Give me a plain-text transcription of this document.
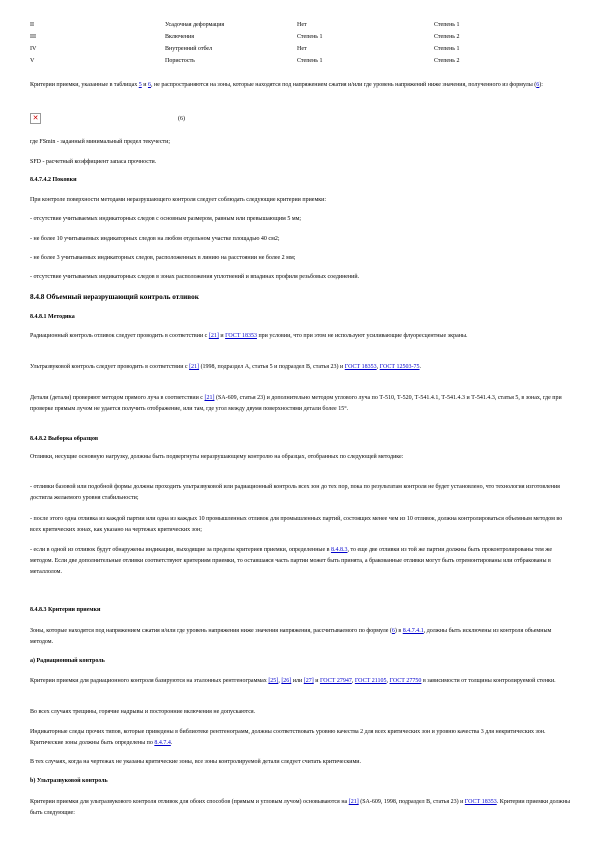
II	Усадочная деформация	Нет	Степень 1
III	Включения	Степень 1	Степень 2
IV	Внутренний отбел	Нет	Степень 1
V	Пористость	Степень 1	Степень 2

Критерии приемки, указанные в таблицах 5 и 6, не распространяются на зоны, которые находятся под напряжением сжатия и/или где уровень напряжений ниже значения, полученного из формулы (6):

✕	(6)

где FSmin - заданный минимальный предел текучести;

SFD - расчетный коэффициент запаса прочности.

8.4.7.4.2 Поковки

При контроле поверхности методами неразрушающего контроля следует соблюдать следующие критерии приемки:

- отсутствие учитываемых индикаторных следов с основным размером, равным или превышающим 5 мм;

- не более 10 учитываемых индикаторных следов на любом отдельном участке площадью 40 см2;

- не более 3 учитываемых индикаторных следов, расположенных в линию на расстоянии не более 2 мм;

- отсутствие учитываемых индикаторных следов в зонах расположения уплотнений и впадинах профиля резьбовых соединений.

8.4.8 Объемный неразрушающий контроль отливок

8.4.8.1 Методика

Радиационный контроль отливок следует проводить в соответствии с [21] и ГОСТ 18353 при условии, что при этом не используют усиливающие флуоресцентные экраны.

Ультразвуковой контроль следует проводить в соответствии с [21] (1998, подраздел А, статья 5 и подраздел В, статья 23) и ГОСТ 18353, ГОСТ 12503-75.

Детали (детали) проверяют методом прямого луча в соответствии с [21] (SA-609, статья 23) и дополнительно методом углового луча по Т-510, Т-520, Т-541.4.1, Т-541.4.3 и Т-541.4.3, статья 5, в зонах, где при проверке прямым лучом не удается получить отображение, или там, где угол между двумя поверхностями детали более 15°.

8.4.8.2 Выборка образцов

Отливки, несущие основную нагрузку, должны быть подвергнуты неразрушающему контролю на образцах, отобранных по следующей методике:

- отливки базовой или подобной формы должны проходить ультразвуковой или радиационный контроль всех зон до тех пор, пока по результатам контроля не будет установлено, что технология изготовления достигла желаемого уровня стабильности;

- после этого одна отливка из каждой партии или одна из каждых 10 промышленных отливок для промышленных партий, состоящих менее чем из 10 отливок, должна контролироваться объемным методом во всех критических зонах, как указано на чертежах критических зон;

- если в одной из отливок будут обнаружены индикации, выходящие за пределы критериев приемки, определенные в 8.4.8.3, то еще две отливки из той же партии должны быть проконтролированы тем же методом. Если две дополнительные отливки соответствуют критериям приемки, то оставшаяся часть партии может быть принята, а бракованные отливки могут быть отремонтированы или отбракованы в металлолом.

8.4.8.3 Критерии приемки

Зоны, которые находятся под напряжением сжатия и/или где уровень напряжения ниже значения напряжения, рассчитываемого по формуле (6) в 8.4.7.4.1, должны быть исключены из контроля объемным методом.

a) Радиационный контроль

Критерии приемки для радиационного контроля базируются на эталонных рентгенограммах [25], [26] или [27] и ГОСТ 27947, ГОСТ 21105, ГОСТ 27750 в зависимости от толщины контролируемой стенки.

Во всех случаях трещины, горячие надрывы и посторонние включения не допускаются.

Индикаторные следы прочих типов, которые приведены в библиотеке рентгенограмм, должны соответствовать уровню качества 2 для всех критических зон и уровню качества 3 для некритических зон. Критические зоны должны быть определены по 8.4.7.4.

В тех случаях, когда на чертежах не указаны критические зоны, все зоны контролируемой детали следует считать критическими.

b) Ультразвуковой контроль

Критерии приемки для ультразвукового контроля отливок для обоих способов (прямым и угловым лучом) основываются на [21] (SA-609, 1998, подраздел В, статья 23) и ГОСТ 18353. Критерии приемки должны быть следующие:
